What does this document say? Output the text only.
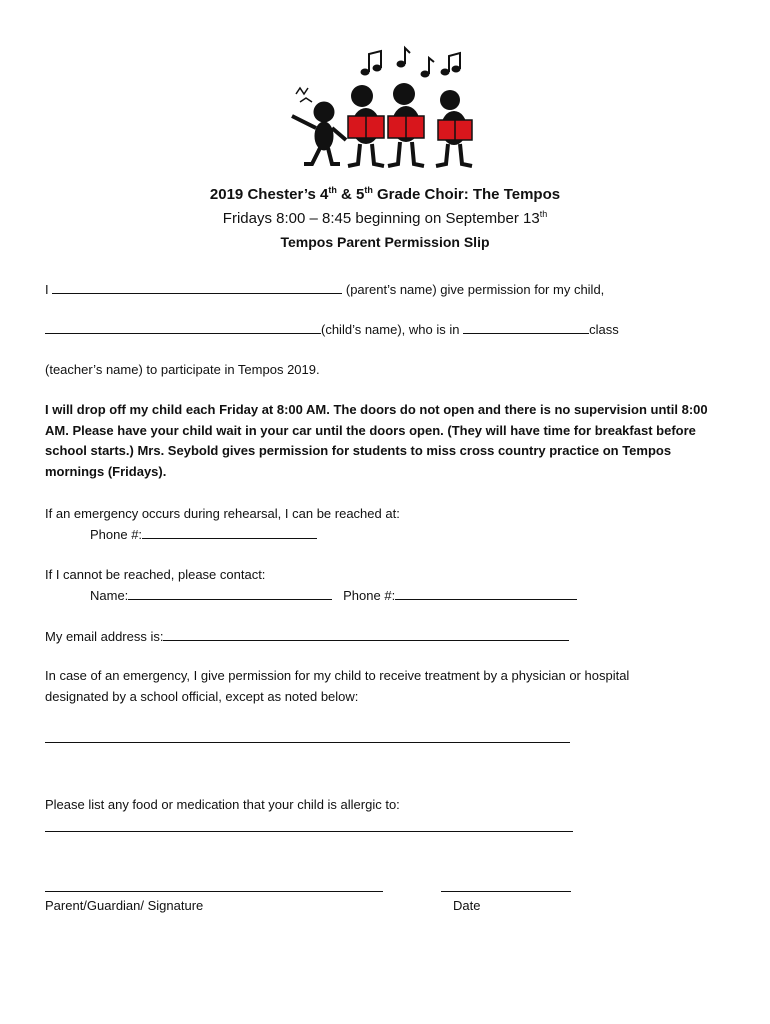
2019 Chester’s 4th & 5th Grade Choir: The Tempos
Fridays 8:00 – 8:45 beginning on September 13th
Tempos Parent Permission Slip
I	(parent’s name) give permission for my child,
(child’s name), who is in	class
(teacher’s name) to participate in Tempos 2019.
I will drop off my child each Friday at 8:00 AM. The doors do not open and there is no supervision until 8:00 AM. Please have your child wait in your car until the doors open. (They will have time for breakfast before school starts.) Mrs. Seybold gives permission for students to miss cross country practice on Tempos mornings (Fridays).
If an emergency occurs during rehearsal, I can be reached at:
Phone #:
If I cannot be reached, please contact:
Name:	Phone #:
My email address is:
In case of an emergency, I give permission for my child to receive treatment by a physician or hospital designated by a school official, except as noted below:
Please list any food or medication that your child is allergic to:
Parent/Guardian/ Signature	Date
